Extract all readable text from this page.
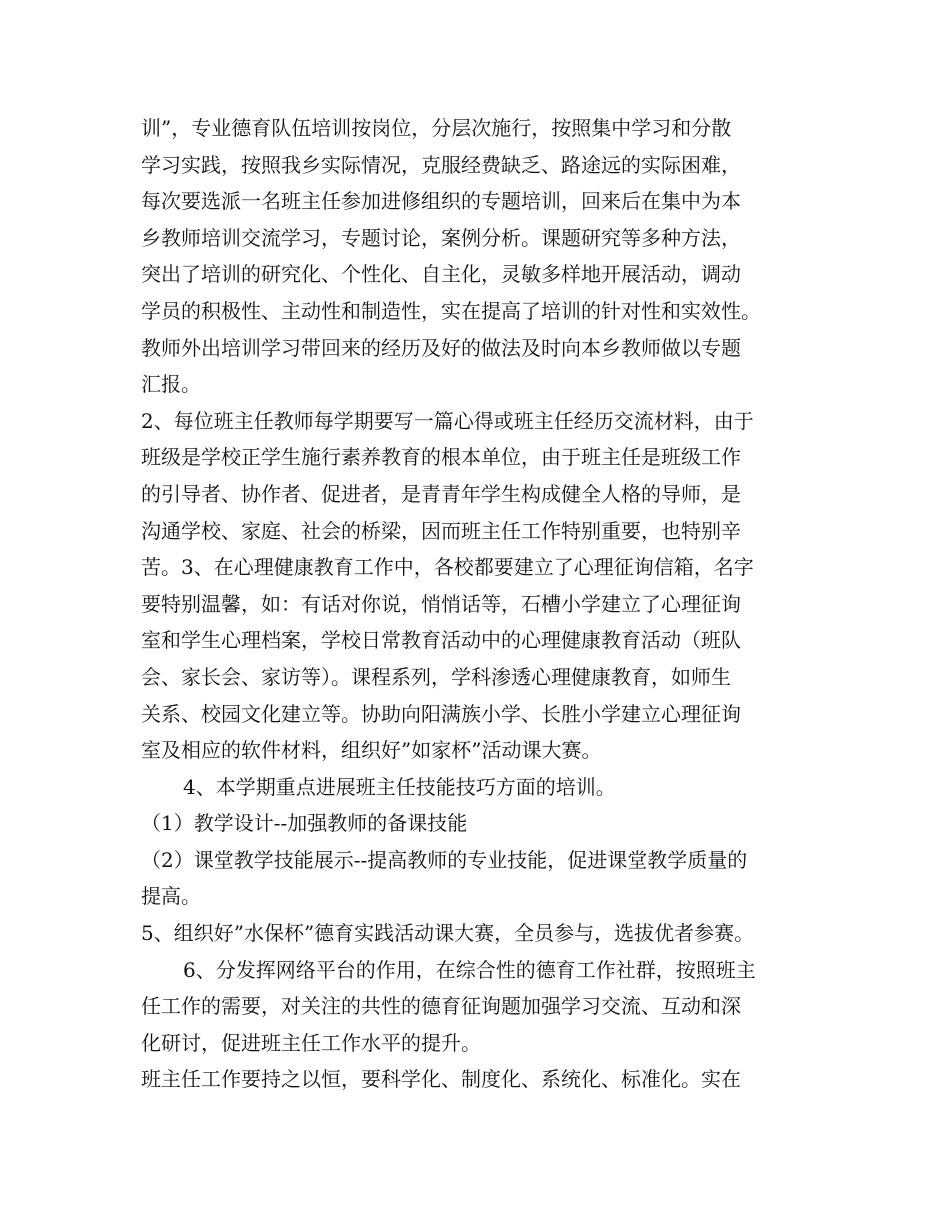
训”，专业德育队伍培训按岗位，分层次施行，按照集中学习和分散
学习实践，按照我乡实际情况，克服经费缺乏、路途远的实际困难，
每次要选派一名班主任参加进修组织的专题培训，回来后在集中为本
乡教师培训交流学习，专题讨论，案例分析。课题研究等多种方法，
突出了培训的研究化、个性化、自主化，灵敏多样地开展活动，调动
学员的积极性、主动性和制造性，实在提高了培训的针对性和实效性。
教师外出培训学习带回来的经历及好的做法及时向本乡教师做以专题
汇报。
2、每位班主任教师每学期要写一篇心得或班主任经历交流材料，由于
班级是学校正学生施行素养教育的根本单位，由于班主任是班级工作
的引导者、协作者、促进者，是青青年学生构成健全人格的导师，是
沟通学校、家庭、社会的桥梁，因而班主任工作特别重要，也特别辛
苦。3、在心理健康教育工作中，各校都要建立了心理征询信箱，名字
要特别温馨，如：有话对你说，悄悄话等，石槽小学建立了心理征询
室和学生心理档案，学校日常教育活动中的心理健康教育活动（班队
会、家长会、家访等）。课程系列，学科渗透心理健康教育，如师生
关系、校园文化建立等。协助向阳满族小学、长胜小学建立心理征询
室及相应的软件材料，组织好”如家杯”活动课大赛。
4、本学期重点进展班主任技能技巧方面的培训。
（1）教学设计--加强教师的备课技能
（2）课堂教学技能展示--提高教师的专业技能，促进课堂教学质量的
提高。
5、组织好”水保杯”德育实践活动课大赛，全员参与，选拔优者参赛。
6、分发挥网络平台的作用，在综合性的德育工作社群，按照班主
任工作的需要，对关注的共性的德育征询题加强学习交流、互动和深
化研讨，促进班主任工作水平的提升。
班主任工作要持之以恒，要科学化、制度化、系统化、标准化。实在
